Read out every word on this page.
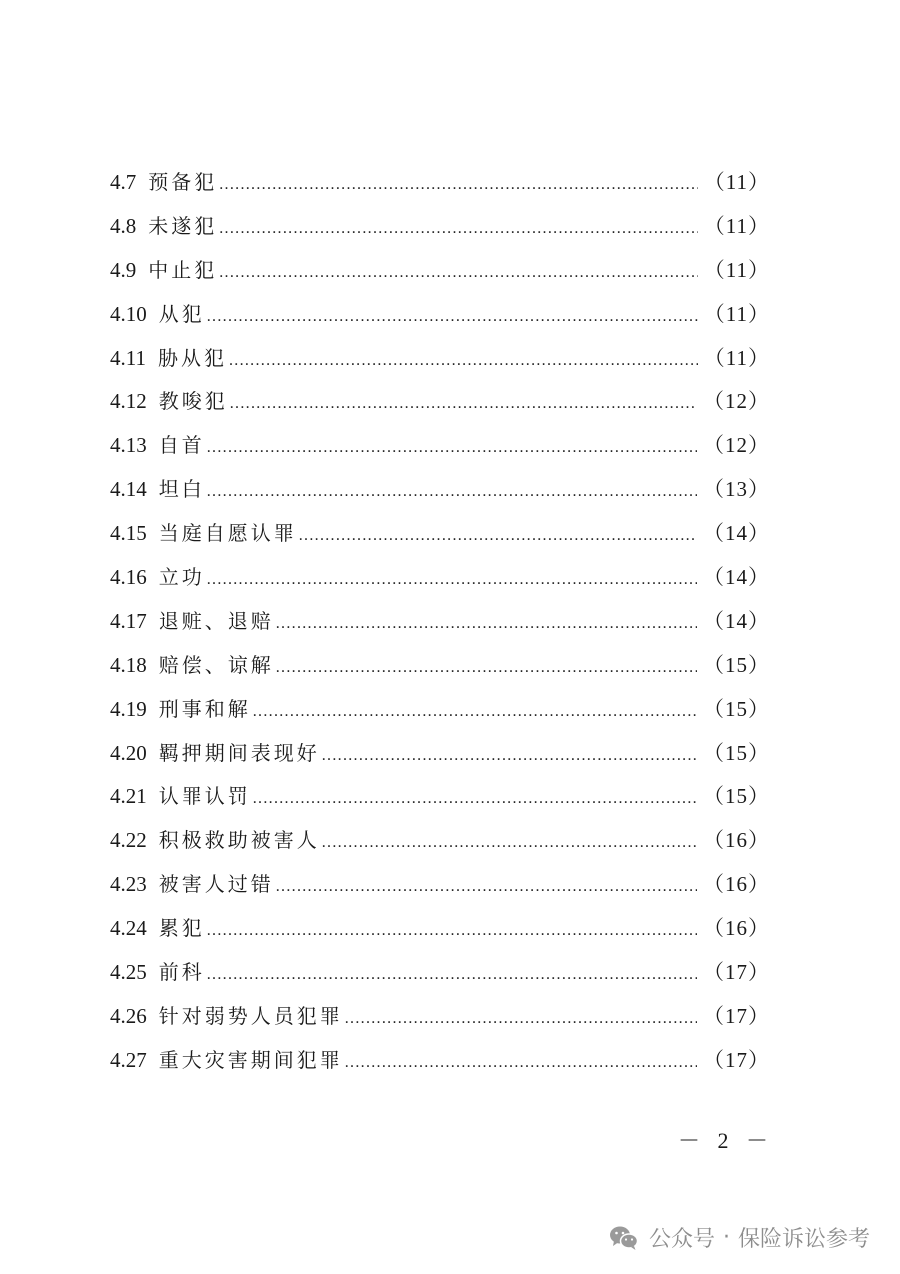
4.7 预备犯 .....	（11）
4.8 未遂犯 .....	（11）
4.9 中止犯 .....	（11）
4.10 从犯 .....	（11）
4.11 胁从犯 .....	（11）
4.12 教唆犯 .....	（12）
4.13 自首 .....	（12）
4.14 坦白 .....	（13）
4.15 当庭自愿认罪 .....	（14）
4.16 立功 .....	（14）
4.17 退赃、退赔 .....	（14）
4.18 赔偿、谅解 .....	（15）
4.19 刑事和解 .....	（15）
4.20 羁押期间表现好 .....	（15）
4.21 认罪认罚 .....	（15）
4.22 积极救助被害人 .....	（16）
4.23 被害人过错 .....	（16）
4.24 累犯 .....	（16）
4.25 前科 .....	（17）
4.26 针对弱势人员犯罪 .....	（17）
4.27 重大灾害期间犯罪 .....	（17）
－ 2 －
公众号 · 保险诉讼参考
